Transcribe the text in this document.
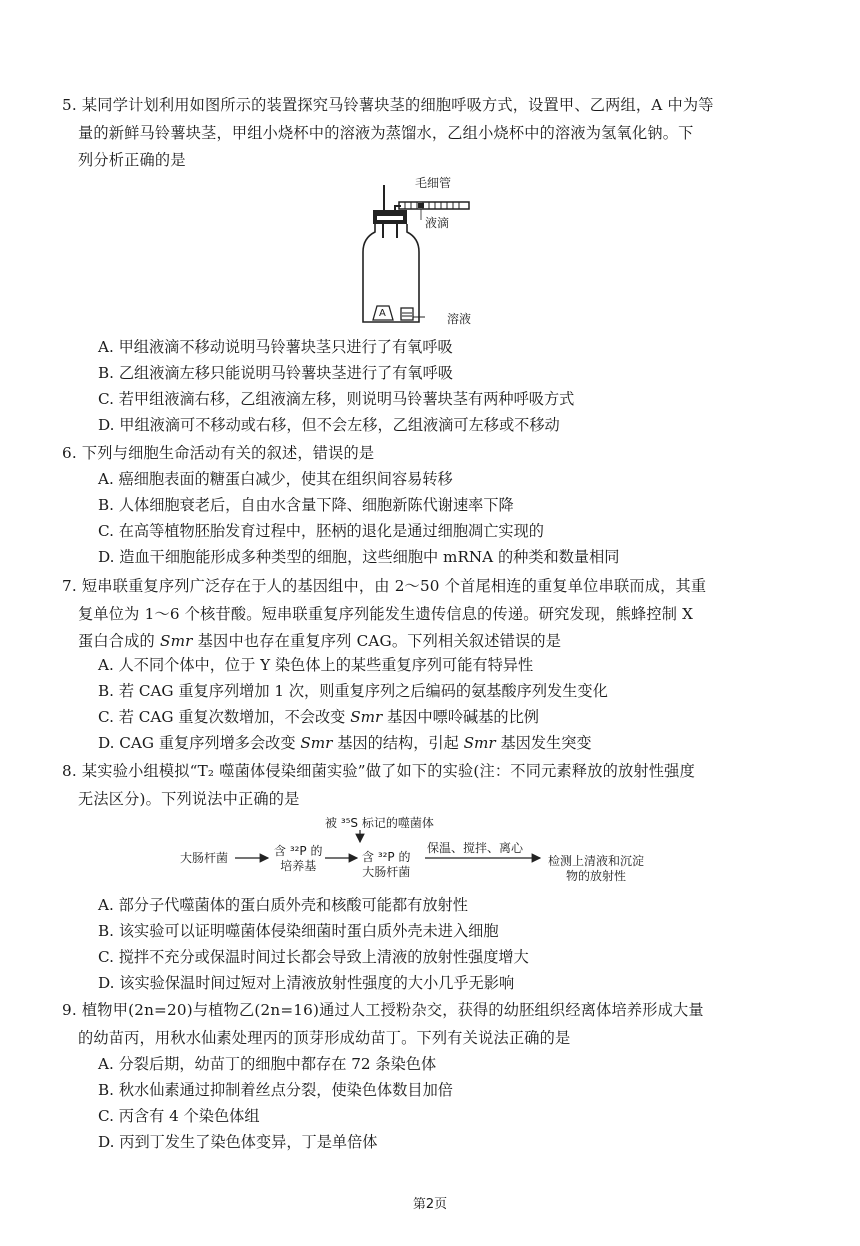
5. 某同学计划利用如图所示的装置探究马铃薯块茎的细胞呼吸方式，设置甲、乙两组，A 中为等
量的新鲜马铃薯块茎，甲组小烧杯中的溶液为蒸馏水，乙组小烧杯中的溶液为氢氧化钠。下
列分析正确的是
毛细管
液滴
溶液
A
A. 甲组液滴不移动说明马铃薯块茎只进行了有氧呼吸
B. 乙组液滴左移只能说明马铃薯块茎进行了有氧呼吸
C. 若甲组液滴右移，乙组液滴左移，则说明马铃薯块茎有两种呼吸方式
D. 甲组液滴可不移动或右移，但不会左移，乙组液滴可左移或不移动
6. 下列与细胞生命活动有关的叙述，错误的是
A. 癌细胞表面的糖蛋白减少，使其在组织间容易转移
B. 人体细胞衰老后，自由水含量下降、细胞新陈代谢速率下降
C. 在高等植物胚胎发育过程中，胚柄的退化是通过细胞凋亡实现的
D. 造血干细胞能形成多种类型的细胞，这些细胞中 mRNA 的种类和数量相同
7. 短串联重复序列广泛存在于人的基因组中，由 2～50 个首尾相连的重复单位串联而成，其重
复单位为 1～6 个核苷酸。短串联重复序列能发生遗传信息的传递。研究发现，熊蜂控制 X
蛋白合成的 Smr 基因中也存在重复序列 CAG。下列相关叙述错误的是
A. 人不同个体中，位于 Y 染色体上的某些重复序列可能有特异性
B. 若 CAG 重复序列增加 1 次，则重复序列之后编码的氨基酸序列发生变化
C. 若 CAG 重复次数增加，不会改变 Smr 基因中嘌呤碱基的比例
D. CAG 重复序列增多会改变 Smr 基因的结构，引起 Smr 基因发生突变
8. 某实验小组模拟“T₂ 噬菌体侵染细菌实验”做了如下的实验(注：不同元素释放的放射性强度
无法区分)。下列说法中正确的是
被 ³⁵S 标记的噬菌体
大肠杆菌	含 ³²P 的
培养基
含 ³²P 的
大肠杆菌
保温、搅拌、离心
检测上清液和沉淀
物的放射性
A. 部分子代噬菌体的蛋白质外壳和核酸可能都有放射性
B. 该实验可以证明噬菌体侵染细菌时蛋白质外壳未进入细胞
C. 搅拌不充分或保温时间过长都会导致上清液的放射性强度增大
D. 该实验保温时间过短对上清液放射性强度的大小几乎无影响
9. 植物甲(2n=20)与植物乙(2n=16)通过人工授粉杂交，获得的幼胚组织经离体培养形成大量
的幼苗丙，用秋水仙素处理丙的顶芽形成幼苗丁。下列有关说法正确的是
A. 分裂后期，幼苗丁的细胞中都存在 72 条染色体
B. 秋水仙素通过抑制着丝点分裂，使染色体数目加倍
C. 丙含有 4 个染色体组
D. 丙到丁发生了染色体变异，丁是单倍体
第2页
